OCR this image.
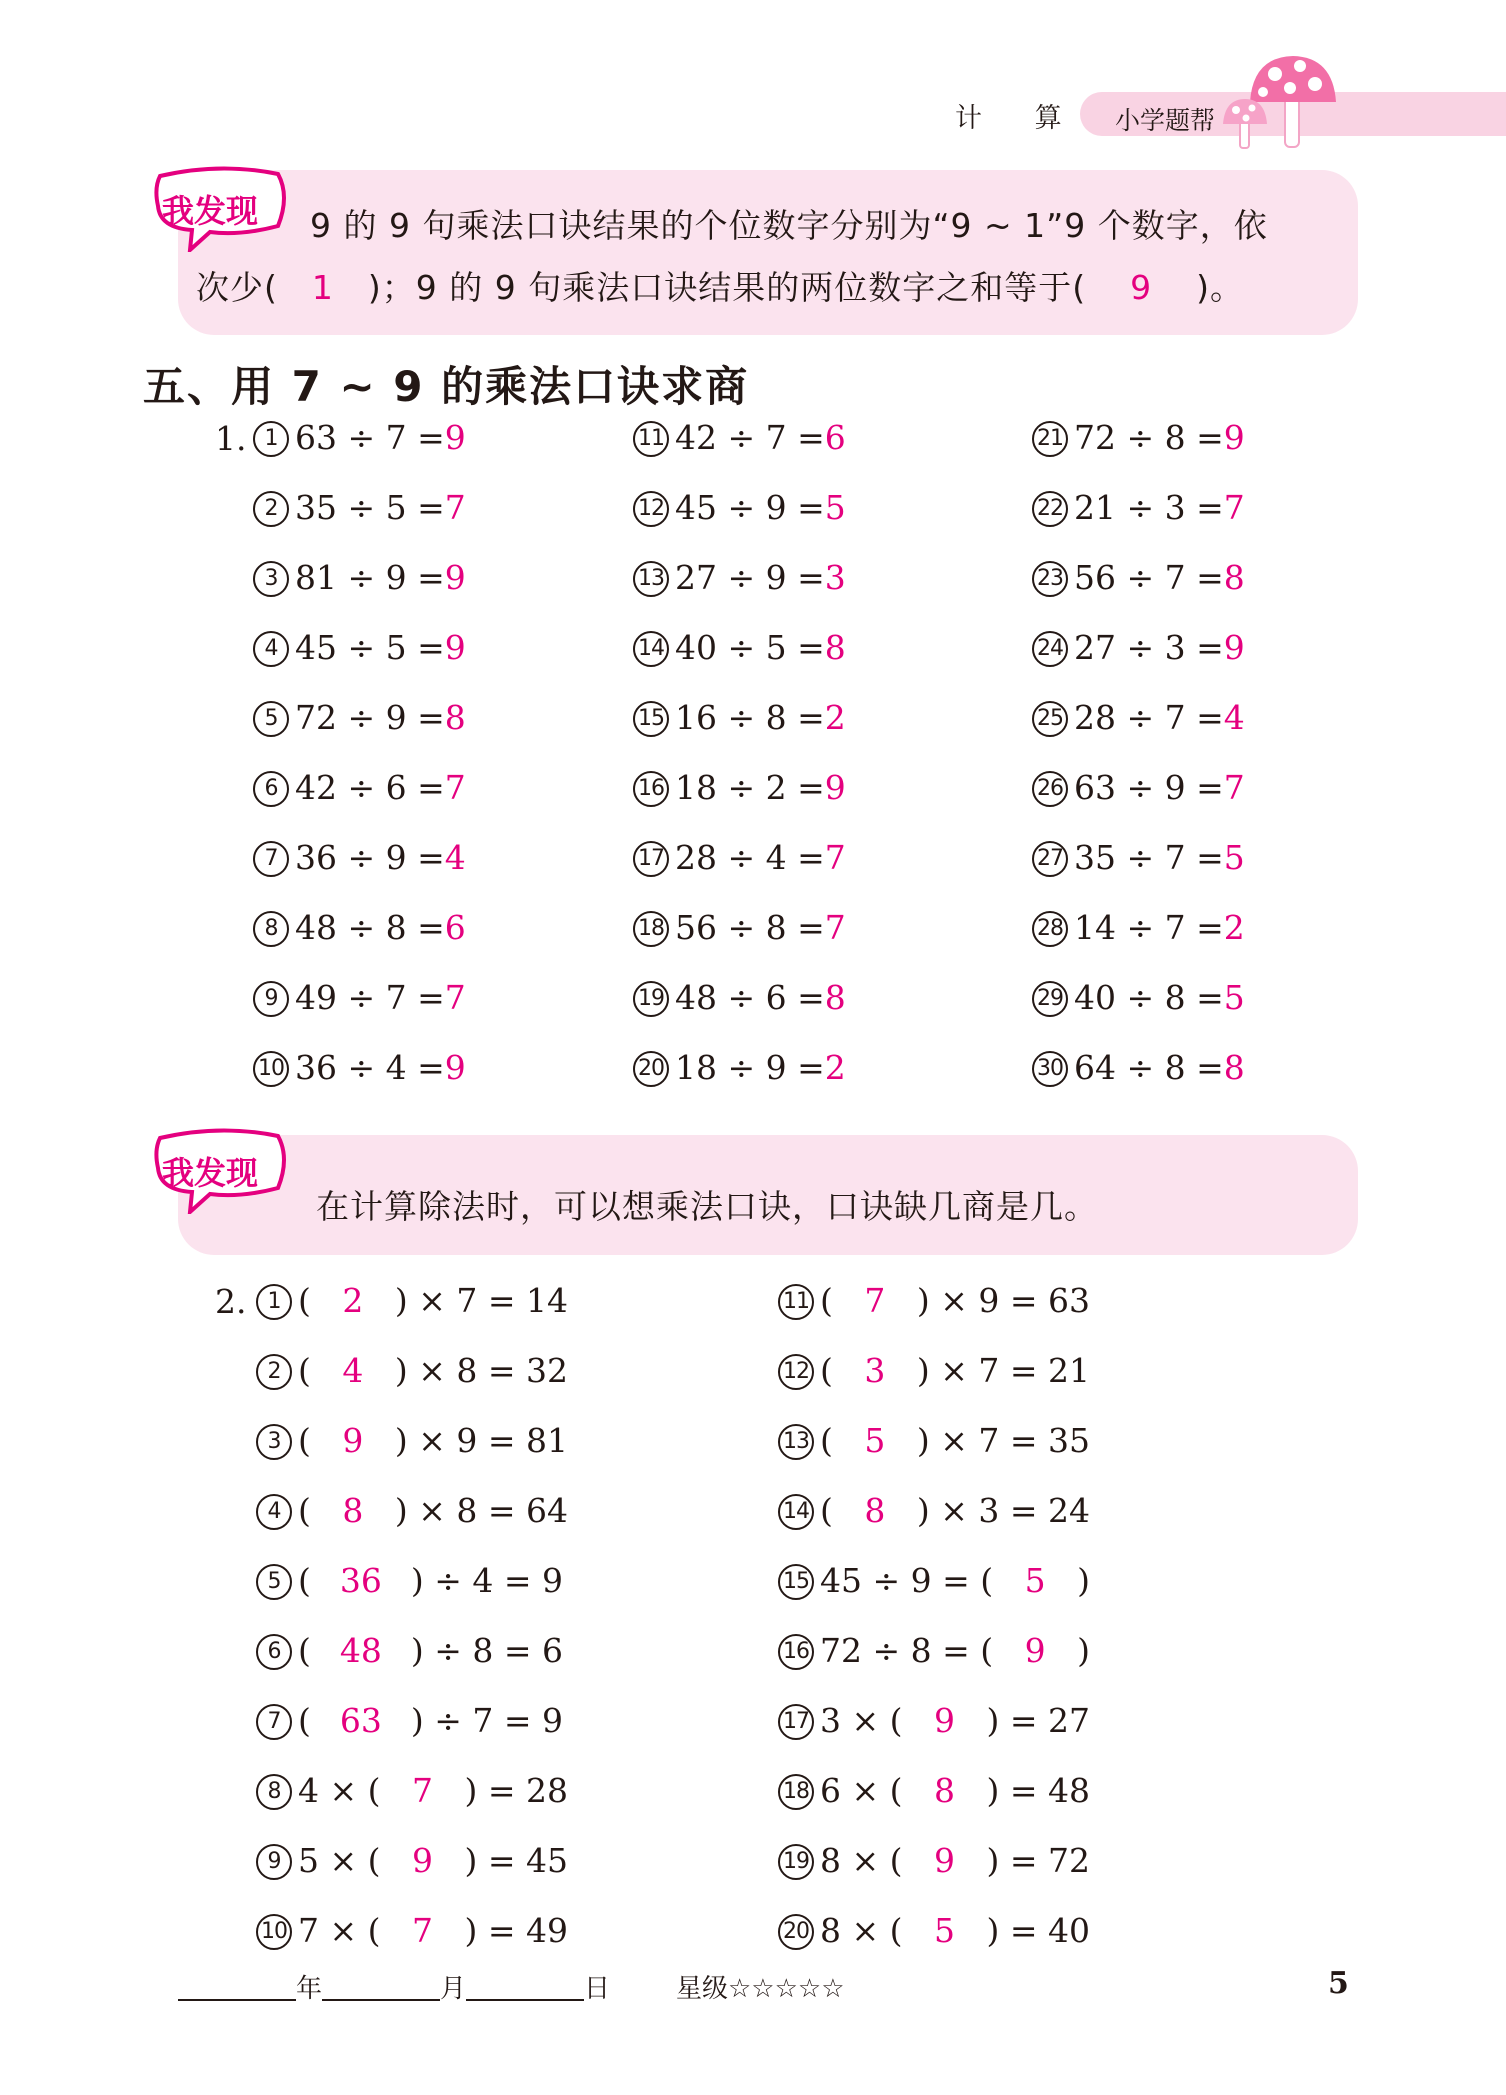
计 算 小学题帮
我发现 9 的 9 句乘法口诀结果的个位数字分别为“9 ~ 1”9 个数字，依
次少( 1 )；9 的 9 句乘法口诀结果的两位数字之和等于( 9 )。
五、用 7 ~ 9 的乘法口诀求商
1. 1 63 ÷ 7 =9
2 35 ÷ 5 =7
3 81 ÷ 9 =9
4 45 ÷ 5 =9
5 72 ÷ 9 =8
6 42 ÷ 6 =7
7 36 ÷ 9 =4
8 48 ÷ 8 =6
9 49 ÷ 7 =7
10 36 ÷ 4 =9
11 42 ÷ 7 =6
12 45 ÷ 9 =5
13 27 ÷ 9 =3
14 40 ÷ 5 =8
15 16 ÷ 8 =2
16 18 ÷ 2 =9
17 28 ÷ 4 =7
18 56 ÷ 8 =7
19 48 ÷ 6 =8
20 18 ÷ 9 =2
21 72 ÷ 8 =9
22 21 ÷ 3 =7
23 56 ÷ 7 =8
24 27 ÷ 3 =9
25 28 ÷ 7 =4
26 63 ÷ 9 =7
27 35 ÷ 7 =5
28 14 ÷ 7 =2
29 40 ÷ 8 =5
30 64 ÷ 8 =8
我发现
在计算除法时，可以想乘法口诀，口诀缺几商是几。
2. 1 ( 2 ) × 7 = 14
2 ( 4 ) × 8 = 32
3 ( 9 ) × 9 = 81
4 ( 8 ) × 8 = 64
5 ( 36 ) ÷ 4 = 9
6 ( 48 ) ÷ 8 = 6
7 ( 63 ) ÷ 7 = 9
8 4 × ( 7 ) = 28
9 5 × ( 9 ) = 45
10 7 × ( 7 ) = 49
11 ( 7 ) × 9 = 63
12 ( 3 ) × 7 = 21
13 ( 5 ) × 7 = 35
14 ( 8 ) × 3 = 24
15 45 ÷ 9 = ( 5 )
16 72 ÷ 8 = ( 9 )
17 3 × ( 9 ) = 27
18 6 × ( 8 ) = 48
19 8 × ( 9 ) = 72
20 8 × ( 5 ) = 40
年	月	日	星级☆☆☆☆☆	5
